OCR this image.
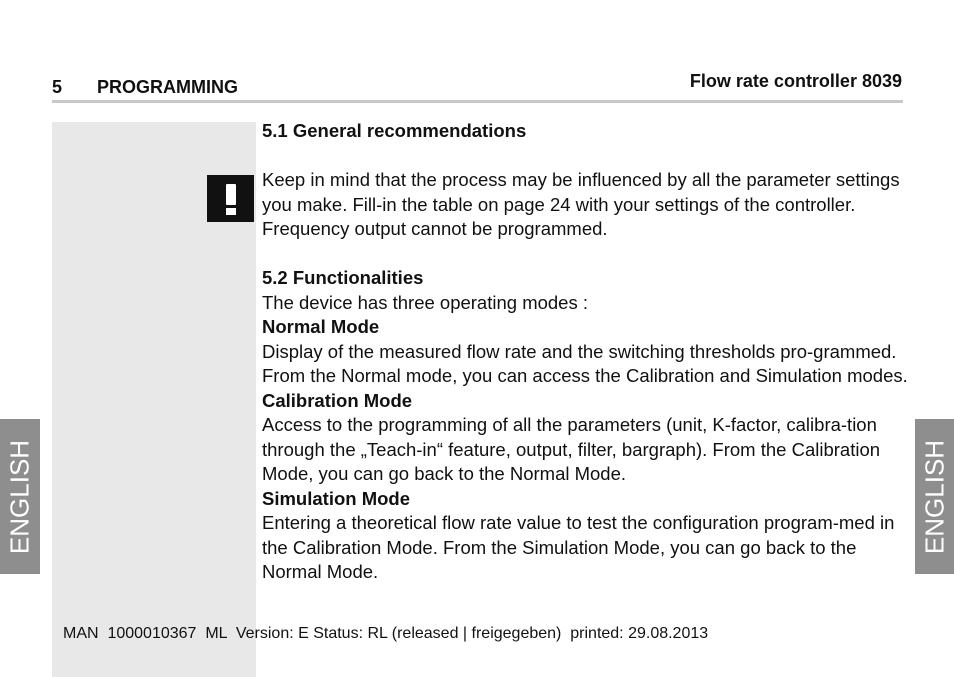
5 PROGRAMMING	Flow rate controller 8039

5.1 General recommendations

Keep in mind that the process may be influenced by all the parameter settings you make. Fill-in the table on page 24 with your settings of the controller.

Frequency output cannot be programmed.

5.2 Functionalities

The device has three operating modes :

Normal Mode

Display of the measured flow rate and the switching thresholds pro-grammed. From the Normal mode, you can access the Calibration and Simulation modes.

Calibration Mode

Access to the programming of all the parameters (unit, K-factor, calibra-tion through the „Teach-in“ feature, output, filter, bargraph). From the Calibration Mode, you can go back to the Normal Mode.

Simulation Mode

Entering a theoretical flow rate value to test the configuration program-med in the Calibration Mode. From the Simulation Mode, you can go back to the Normal Mode.

MAN  1000010367  ML  Version: E Status: RL (released | freigegeben)  printed: 29.08.2013
ENGLISH	ENGLISH
